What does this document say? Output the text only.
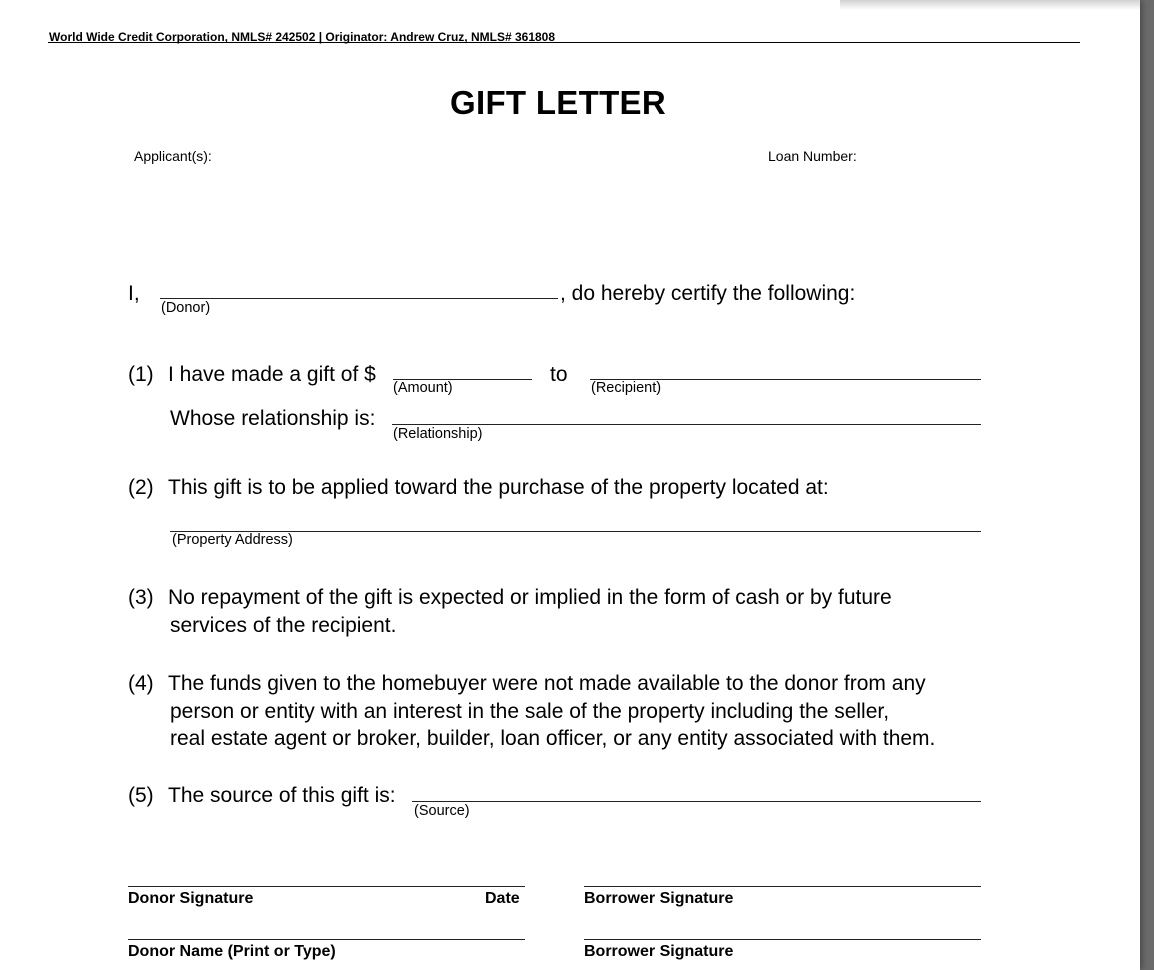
World Wide Credit Corporation, NMLS# 242502 | Originator: Andrew Cruz, NMLS# 361808
GIFT LETTER
Applicant(s):	Loan Number:
I,
(Donor)
, do hereby certify the following:
(1) I have made a gift of $
(Amount)
to
(Recipient)
Whose relationship is:
(Relationship)
(2) This gift is to be applied toward the purchase of the property located at:
(Property Address)
(3) No repayment of the gift is expected or implied in the form of cash or by future
services of the recipient.
(4) The funds given to the homebuyer were not made available to the donor from any
person or entity with an interest in the sale of the property including the seller,
real estate agent or broker, builder, loan officer, or any entity associated with them.
(5) The source of this gift is:
(Source)
Donor Signature	Date	Borrower Signature
Donor Name (Print or Type)	Borrower Signature
